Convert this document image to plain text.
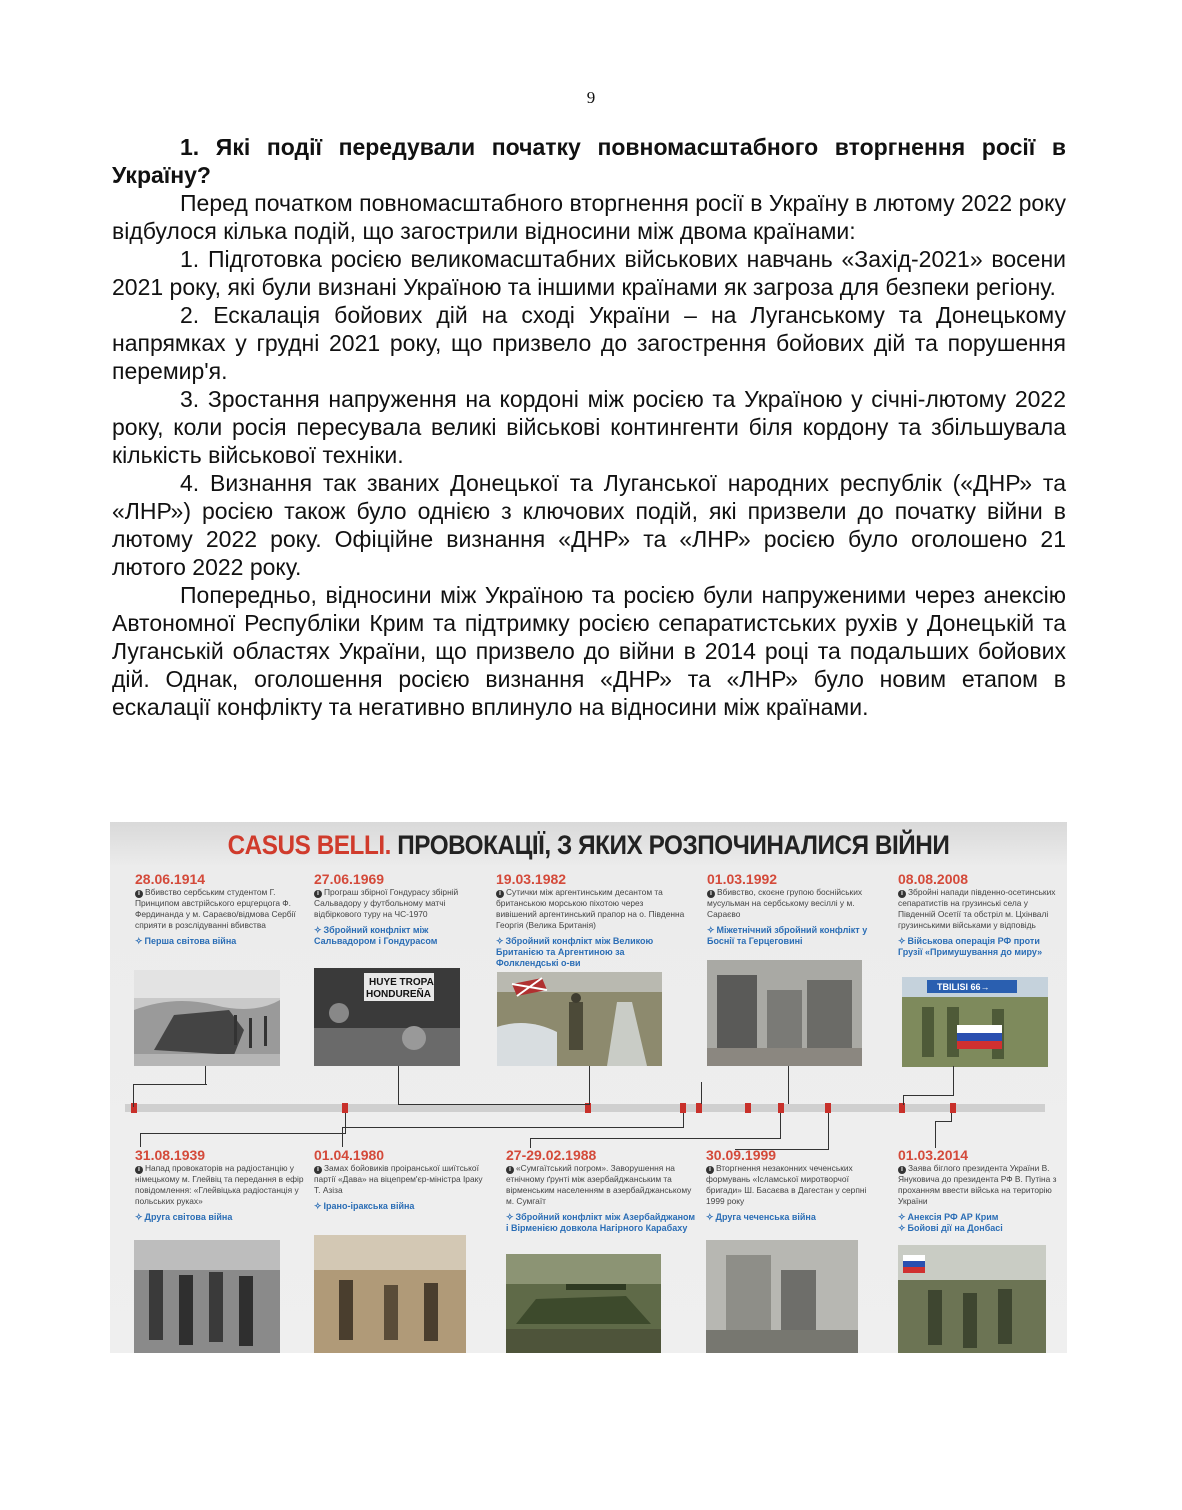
9

1. Які події передували початку повномасштабного вторгнення росії в Україну?

Перед початком повномасштабного вторгнення росії в Україну в лютому 2022 року відбулося кілька подій, що загострили відносини між двома країнами:

1. Підготовка росією великомасштабних військових навчань «Захід-2021» восени 2021 року, які були визнані Україною та іншими країнами як загроза для безпеки регіону.

2. Ескалація бойових дій на сході України – на Луганському та Донецькому напрямках у грудні 2021 року, що призвело до загострення бойових дій та порушення перемир'я.

3. Зростання напруження на кордоні між росією та Україною у січні-лютому 2022 року, коли росія пересувала великі військові контингенти біля кордону та збільшувала кількість військової техніки.

4. Визнання так званих Донецької та Луганської народних республік («ДНР» та «ЛНР») росією також було однією з ключових подій, які призвели до початку війни в лютому 2022 року. Офіційне визнання «ДНР» та «ЛНР» росією було оголошено 21 лютого 2022 року.

Попередньо, відносини між Україною та росією були напруженими через анексію Автономної Республіки Крим та підтримку росією сепаратистських рухів у Донецькій та Луганській областях України, що призвело до війни в 2014 році та подальших бойових дій. Однак, оголошення росією визнання «ДНР» та «ЛНР» було новим етапом в ескалації конфлікту та негативно вплинуло на відносини між країнами.

CASUS BELLI. ПРОВОКАЦІЇ, З ЯКИХ РОЗПОЧИНАЛИСЯ ВІЙНИ
28.06.1914
i Вбивство сербським студентом Г. Принципом австрійського ерцгерцога Ф. Фердинанда у м. Сараєво/відмова Сербії сприяти в розслідуванні вбивства
✧ Перша світова війна
27.06.1969
i Програш збірної Гондурасу збірній Сальвадору у футбольному матчі відбіркового туру на ЧС-1970
✧ Збройний конфлікт між Сальвадором і Гондурасом
19.03.1982
i Сутички між аргентинським десантом та британською морською піхотою через вивішений аргентинський прапор на о. Південна Георгія (Велика Британія)
✧ Збройний конфлікт між Великою Британією та Аргентиною за Фолклендські о-ви
01.03.1992
i Вбивство, скоєне групою боснійських мусульман на сербському весіллі у м. Сараєво
✧ Міжетнічний збройний конфлікт у Боснії та Герцеговині
08.08.2008
i Збройні напади південно-осетинських сепаратистів на грузинські села у Південній Осетії та обстріл м. Цхінвалі грузинськими військами у відповідь
✧ Військова операція РФ проти Грузії «Примушування до миру»
HUYE TROPA
HONDUREÑA
TBILISI 66→
31.08.1939
i Напад провокаторів на радіостанцію у німецькому м. Глейвіц та передання в ефір повідомлення: «Глейвіцька радіостанція у польських руках»
✧ Друга світова війна
01.04.1980
i Замах бойовиків проіранської шиїтської партії «Дава» на віцепрем'єр-міністра Іраку Т. Азіза
✧ Ірано-іракська війна
27-29.02.1988
i «Сумгаїтський погром». Заворушення на етнічному ґрунті між азербайджанським та вірменським населенням в азербайджанському м. Сумгаїт
✧ Збройний конфлікт між Азербайджаном і Вірменією довкола Нагірного Карабаху
30.09.1999
i Вторгнення незаконних чеченських формувань «Ісламської миротворчої бригади» Ш. Басаєва в Дагестан у серпні 1999 року
✧ Друга чеченська війна
01.03.2014
i Заява біглого президента України В. Януковича до президента РФ В. Путіна з проханням ввести війська на територію України
✧ Анексія РФ АР Крим
✧ Бойові дії на Донбасі
